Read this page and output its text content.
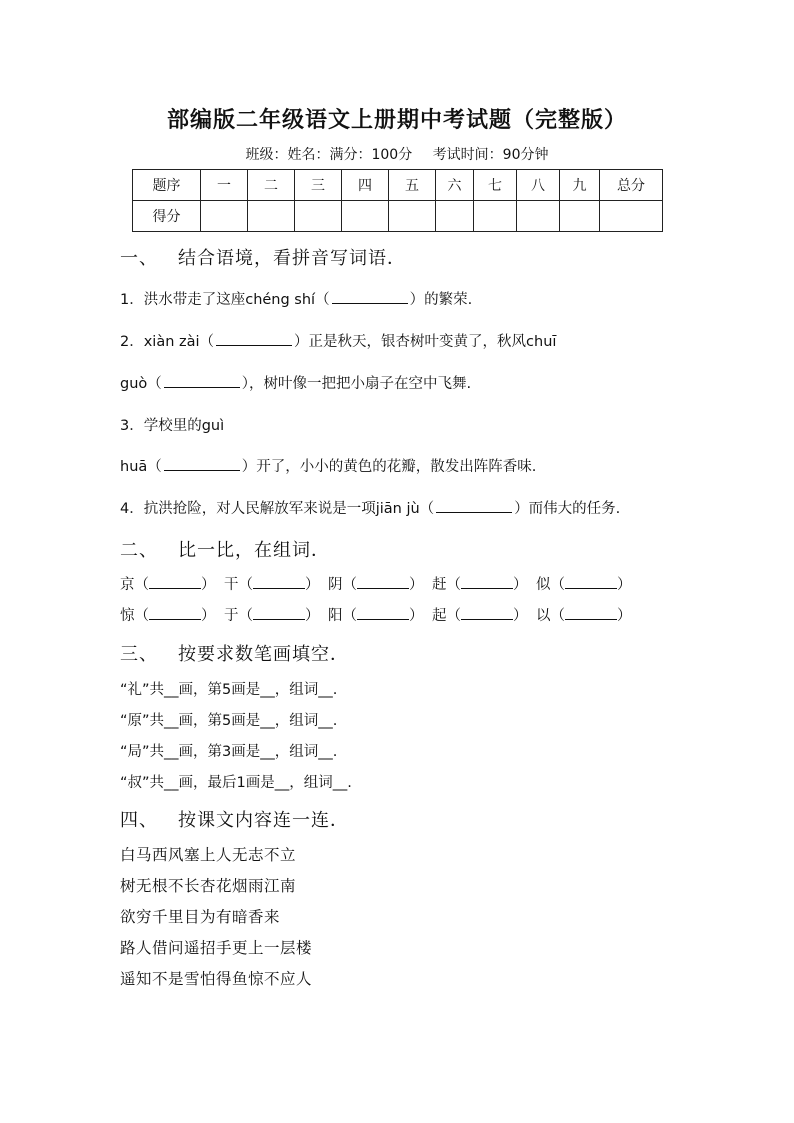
部编版二年级语文上册期中考试题（完整版）
班级：姓名：满分：100分 考试时间：90分钟
题序	一	二	三	四	五	六	七	八	九	总分
得分										
一、 结合语境，看拼音写词语．
1．洪水带走了这座chéng shí（	）的繁荣.
2．xiàn zài（	）正是秋天，银杏树叶变黄了，秋风chuī
guò（	），树叶像一把把小扇子在空中飞舞.
3．学校里的guì
huā（	）开了，小小的黄色的花瓣，散发出阵阵香味.
4．抗洪抢险，对人民解放军来说是一项jiān jù（	）而伟大的任务.
二、 比一比，在组词．
京（	） 干（	） 阴（	） 赶（	） 似（	）
惊（	） 于（	） 阳（	） 起（	） 以（	）
三、 按要求数笔画填空．
“礼”共__画，第5画是__，组词__.
“原”共__画，第5画是__，组词__.
“局”共__画，第3画是__，组词__.
“叔”共__画，最后1画是__，组词__.
四、 按课文内容连一连．
白马西风塞上人无志不立
树无根不长杏花烟雨江南
欲穷千里目为有暗香来
路人借问遥招手更上一层楼
遥知不是雪怕得鱼惊不应人
